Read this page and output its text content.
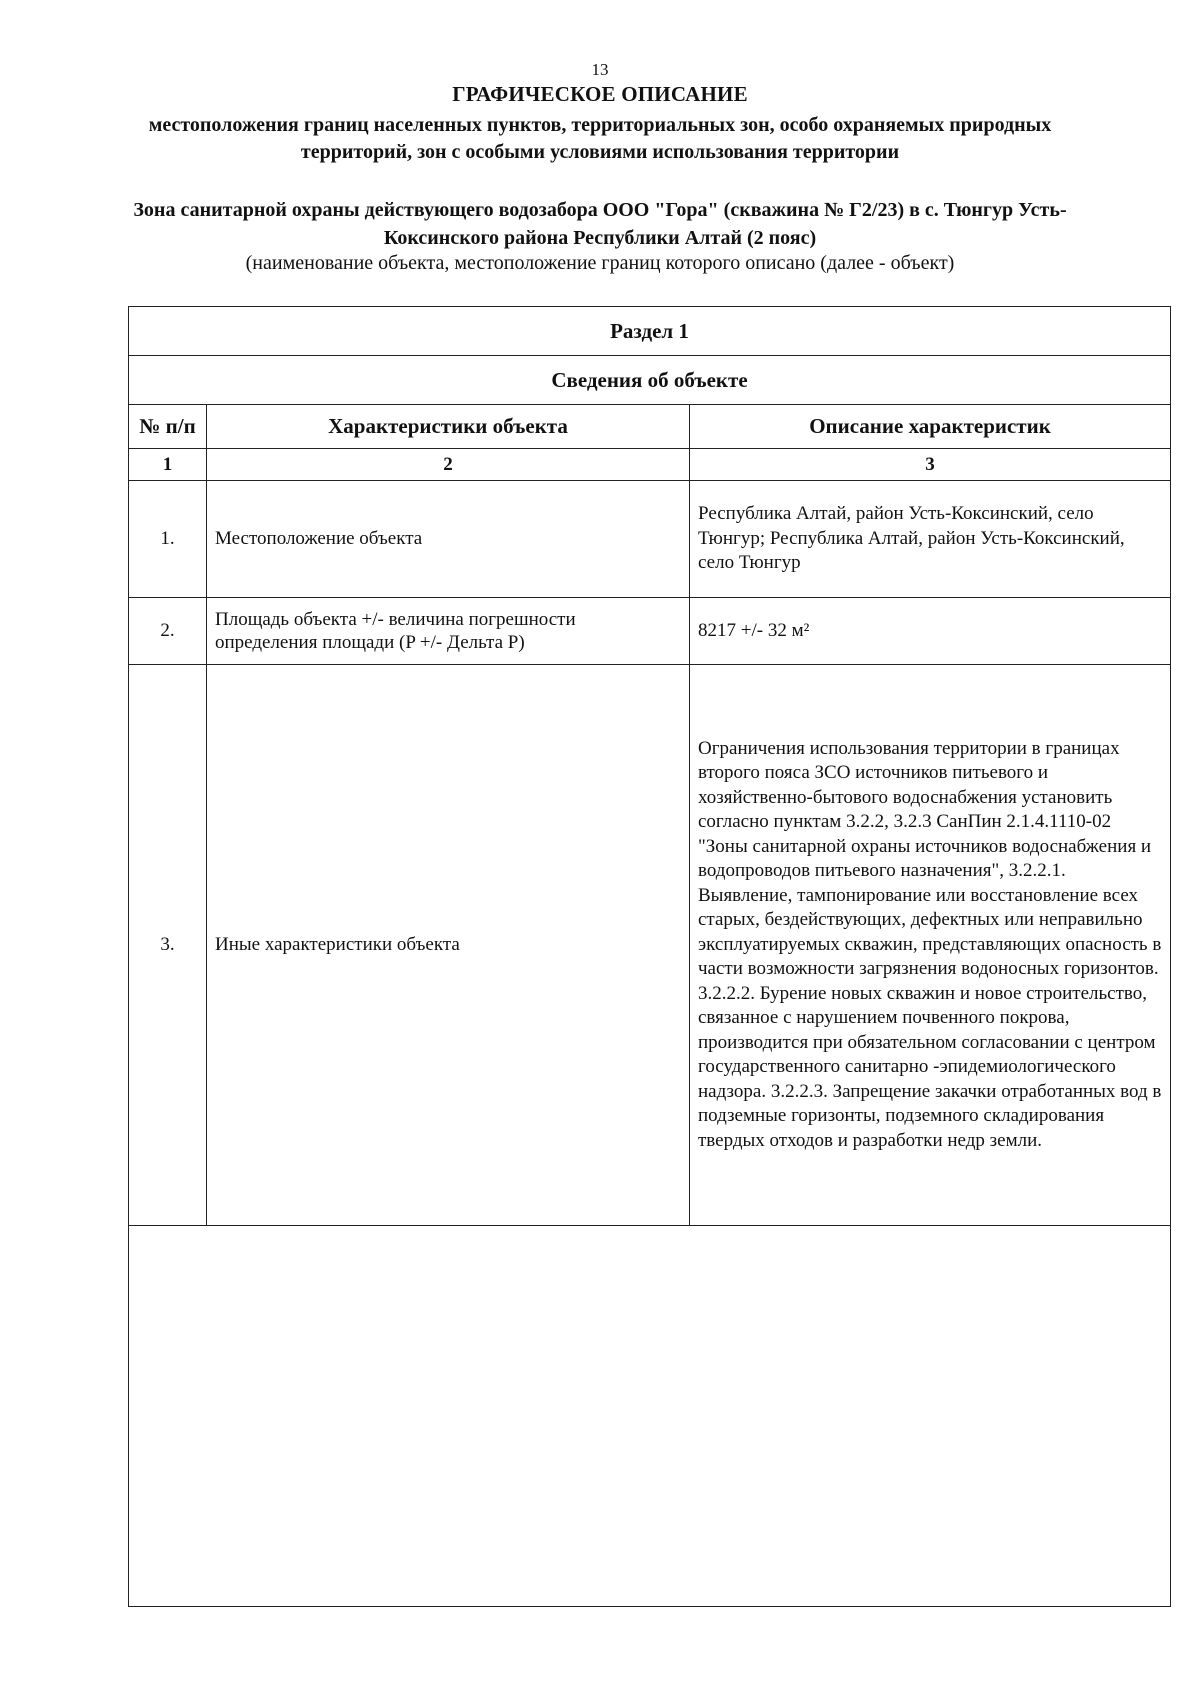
13
ГРАФИЧЕСКОЕ ОПИСАНИЕ
местоположения границ населенных пунктов, территориальных зон, особо охраняемых природных территорий, зон с особыми условиями использования территории
Зона санитарной охраны действующего водозабора ООО "Гора" (скважина № Г2/23) в с. Тюнгур Усть-Коксинского района Республики Алтай (2 пояс)
(наименование объекта, местоположение границ которого описано (далее - объект)
Раздел 1		
Сведения об объекте		
№ п/п	Характеристики объекта	Описание характеристик
1	2	3
1.	Местоположение объекта	Республика Алтай, район Усть-Коксинский, село Тюнгур; Республика Алтай, район Усть-Коксинский, село Тюнгур
2.	Площадь объекта +/- величина погрешности определения площади (P +/- Дельта P)	8217 +/- 32 м²
3.	Иные характеристики объекта	Ограничения использования территории в границах второго пояса ЗСО источников питьевого и хозяйственно-бытового водоснабжения установить согласно пунктам 3.2.2, 3.2.3 СанПин 2.1.4.1110-02 "Зоны санитарной охраны источников водоснабжения и водопроводов питьевого назначения", 3.2.2.1. Выявление, тампонирование или восстановление всех старых, бездействующих, дефектных или неправильно эксплуатируемых скважин, представляющих опасность в части возможности загрязнения водоносных горизонтов. 3.2.2.2. Бурение новых скважин и новое строительство, связанное с нарушением почвенного покрова, производится при обязательном согласовании с центром государственного санитарно -эпидемиологического надзора. 3.2.2.3. Запрещение закачки отработанных вод в подземные горизонты, подземного складирования твердых отходов и разработки недр земли.
